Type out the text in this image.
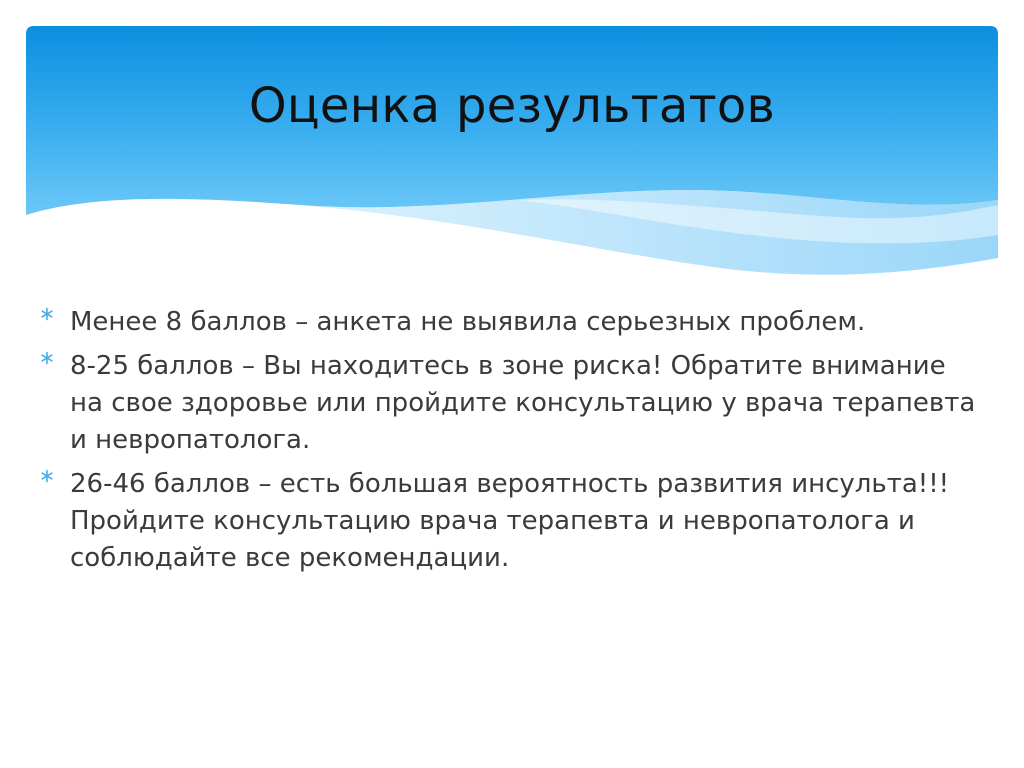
Оценка результатов
Менее 8 баллов – анкета не выявила серьезных проблем.
8-25 баллов – Вы находитесь в зоне риска! Обратите внимание на свое здоровье или пройдите консультацию у врача терапевта и невропатолога.
26-46 баллов – есть большая вероятность развития инсульта!!! Пройдите консультацию врача терапевта и невропатолога и соблюдайте все рекомендации.
